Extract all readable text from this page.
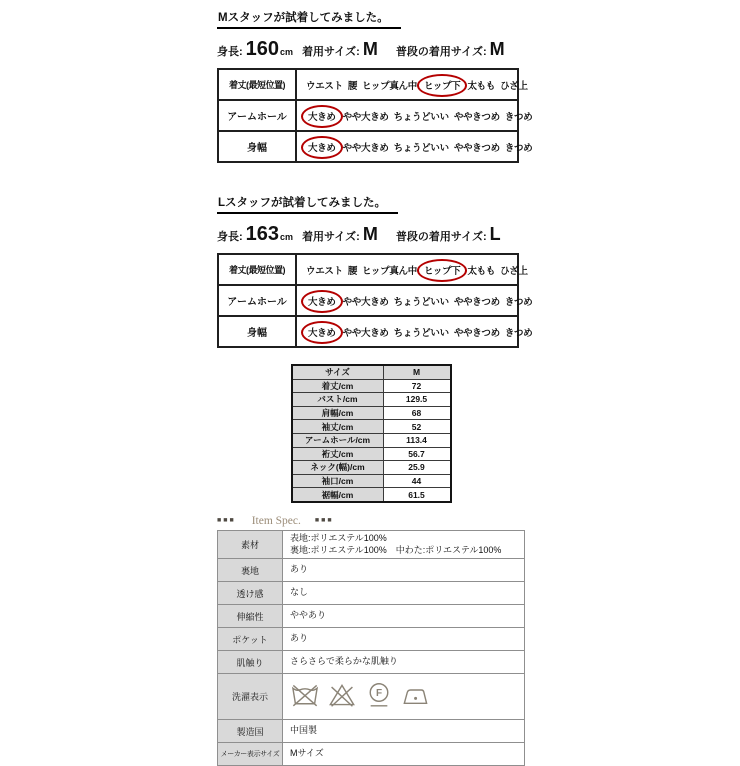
Mスタッフが試着してみました。
身長: 160 cm 着用サイズ: M 普段の着用サイズ: M
着丈(最短位置)	ウエスト 腰 ヒップ真ん中 ヒップ下 太もも ひざ上
アームホール	大きめ やや大きめ ちょうどいい ややきつめ きつめ
身幅	大きめ やや大きめ ちょうどいい ややきつめ きつめ
Lスタッフが試着してみました。
身長: 163 cm 着用サイズ: M 普段の着用サイズ: L
着丈(最短位置)	ウエスト 腰 ヒップ真ん中 ヒップ下 太もも ひざ上
アームホール	大きめ やや大きめ ちょうどいい ややきつめ きつめ
身幅	大きめ やや大きめ ちょうどいい ややきつめ きつめ
サイズ	M
着丈/cm	72
バスト/cm	129.5
肩幅/cm	68
袖丈/cm	52
アームホール/cm	113.4
裄丈/cm	56.7
ネック(幅)/cm	25.9
袖口/cm	44
裾幅/cm	61.5
■■■ Item Spec. ■■■
素材	表地:ポリエステル100%
裏地:ポリエステル100%　中わた:ポリエステル100%

裏地	あり
透け感	なし
伸縮性	ややあり
ポケット	あり
肌触り	さらさらで柔らかな肌触り
洗濯表示	F

製造国	中国製
メーカー表示サイズ	Mサイズ
